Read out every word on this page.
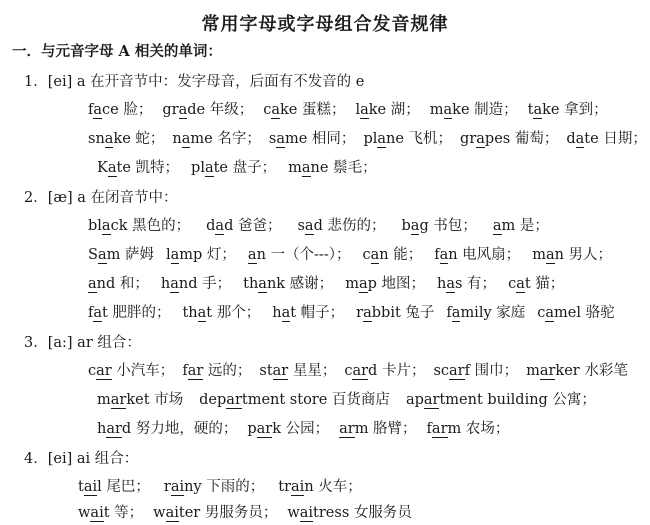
常用字母或字母组合发音规律
一．与元音字母 A 相关的单词：
1．[ei] a 在开音节中：发字母音，后面有不发音的 e
face 脸； grade 年级； cake 蛋糕； lake 湖； make 制造； take 拿到；
snake 蛇； name 名字； same 相同； plane 飞机； grapes 葡萄； date 日期；
Kate 凯特； plate 盘子； mane 鬃毛；
2．[æ] a 在闭音节中：
black 黑色的； dad 爸爸； sad 悲伤的； bag 书包； am 是；
Sam 萨姆 lamp 灯； an 一（个---）； can 能； fan 电风扇； man 男人；
and 和； hand 手； thank 感谢； map 地图； has 有； cat 猫；
fat 肥胖的； that 那个； hat 帽子； rabbit 兔子 family 家庭 camel 骆驼
3．[a:] ar 组合：
car 小汽车； far 远的； star 星星； card 卡片； scarf 围巾； marker 水彩笔
market 市场 department store 百货商店 apartment building 公寓；
hard 努力地，硬的； park 公园； arm 胳臂； farm 农场；
4．[ei] ai 组合：
tail 尾巴； rainy 下雨的； train 火车；
wait 等； waiter 男服务员； waitress 女服务员
